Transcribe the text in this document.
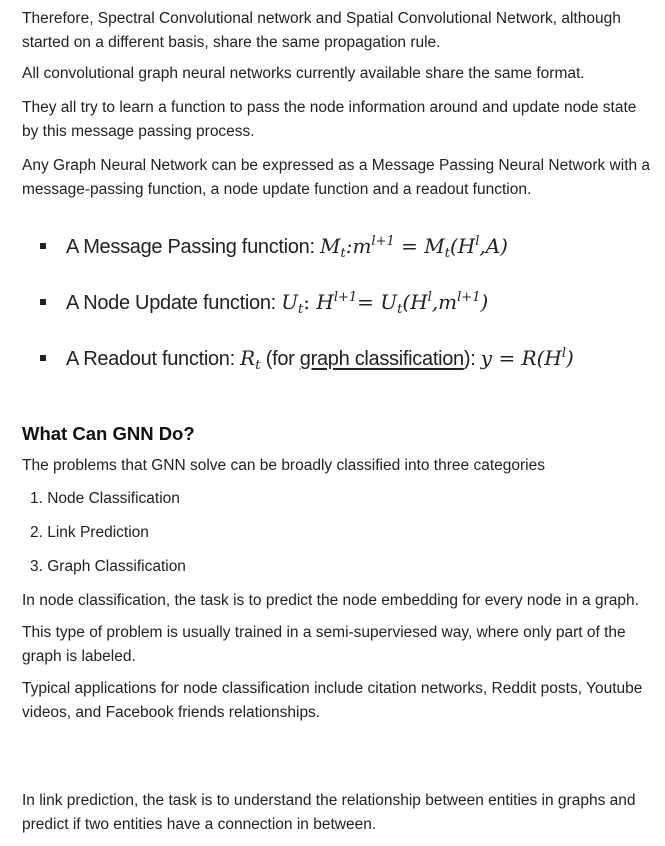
Therefore, Spectral Convolutional network and Spatial Convolutional Network, although started on a different basis, share the same propagation rule.

All convolutional graph neural networks currently available share the same format.

They all try to learn a function to pass the node information around and update node state by this message passing process.

Any Graph Neural Network can be expressed as a Message Passing Neural Network with a message-passing function, a node update function and a readout function.

A Message Passing function: $M_t:m^{l+1} = M_t(H^l,A)$
A Node Update function: $U_t$: $H^{l+1}= U_t(H^l,m^{l+1})$
A Readout function: $R_t$ (for graph classification): $y = R(H^l)$
What Can GNN Do?

The problems that GNN solve can be broadly classified into three categories

1. Node Classification
2. Link Prediction
3. Graph Classification

In node classification, the task is to predict the node embedding for every node in a graph.

This type of problem is usually trained in a semi-superviesed way, where only part of the graph is labeled.

Typical applications for node classification include citation networks, Reddit posts, Youtube videos, and Facebook friends relationships.

In link prediction, the task is to understand the relationship between entities in graphs and predict if two entities have a connection in between.
